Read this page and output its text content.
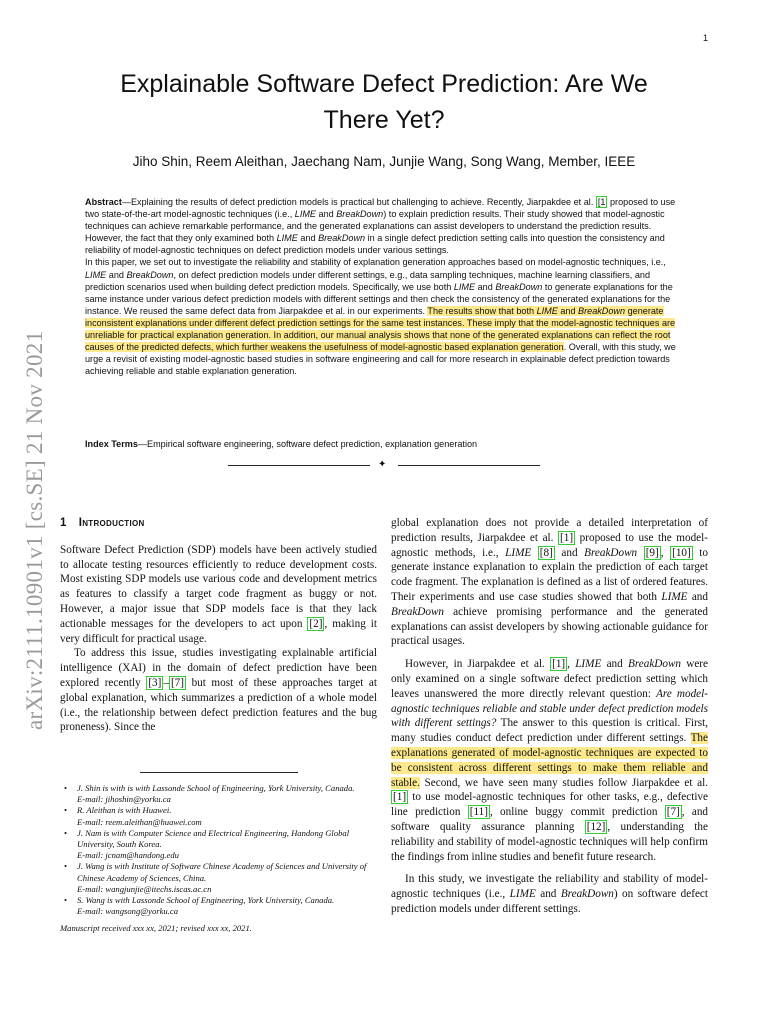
1
arXiv:2111.10901v1 [cs.SE] 21 Nov 2021
Explainable Software Defect Prediction: Are We
There Yet?
Jiho Shin, Reem Aleithan, Jaechang Nam, Junjie Wang, Song Wang, Member, IEEE

Abstract—Explaining the results of defect prediction models is practical but challenging to achieve. Recently, Jiarpakdee et al. [1 proposed to use two state-of-the-art model-agnostic techniques (i.e., LIME and BreakDown) to explain prediction results. Their study showed that model-agnostic techniques can achieve remarkable performance, and the generated explanations can assist developers to understand the prediction results. However, the fact that they only examined both LIME and BreakDown in a single defect prediction setting calls into question the consistency and reliability of model-agnostic techniques on defect prediction models under various settings.

In this paper, we set out to investigate the reliability and stability of explanation generation approaches based on model-agnostic techniques, i.e., LIME and BreakDown, on defect prediction models under different settings, e.g., data sampling techniques, machine learning classifiers, and prediction scenarios used when building defect prediction models. Specifically, we use both LIME and BreakDown to generate explanations for the same instance under various defect prediction models with different settings and then check the consistency of the generated explanations for the instance. We reused the same defect data from Jiarpakdee et al. in our experiments. The results show that both LIME and BreakDown generate inconsistent explanations under different defect prediction settings for the same test instances. These imply that the model-agnostic techniques are unreliable for practical explanation generation. In addition, our manual analysis shows that none of the generated explanations can reflect the root causes of the predicted defects, which further weakens the usefulness of model-agnostic based explanation generation. Overall, with this study, we urge a revisit of existing model-agnostic based studies in software engineering and call for more research in explainable defect prediction towards achieving reliable and stable explanation generation.

Index Terms—Empirical software engineering, software defect prediction, explanation generation
✦
1 Introduction

Software Defect Prediction (SDP) models have been actively studied to allocate testing resources efficiently to reduce development costs. Most existing SDP models use various code and development metrics as features to classify a target code fragment as buggy or not. However, a major issue that SDP models face is that they lack actionable messages for the developers to act upon [2] , making it very difficult for practical usage.

To address this issue, studies investigating explainable artificial intelligence (XAI) in the domain of defect prediction have been explored recently [3] – [7] but most of these approaches target at global explanation, which summarizes a prediction of a whole model (i.e., the relationship between defect prediction features and the bug proneness). Since the

• J. Shin is with is with Lassonde School of Engineering, York University, Canada.
E-mail: jihoshin@yorku.ca
• R. Aleithan is with Huawei.
E-mail: reem.aleithan@huawei.com
• J. Nam is with Computer Science and Electrical Engineering, Handong Global University, South Korea.
E-mail: jcnam@handong.edu
• J. Wang is with Institute of Software Chinese Academy of Sciences and University of Chinese Academy of Sciences, China.
E-mail: wangjunjie@itechs.iscas.ac.cn
• S. Wang is with Lassonde School of Engineering, York University, Canada.
E-mail: wangsong@yorku.ca
Manuscript received xxx xx, 2021; revised xxx xx, 2021.

global explanation does not provide a detailed interpretation of prediction results, Jiarpakdee et al. [1] proposed to use the model-agnostic methods, i.e., LIME [8] and BreakDown [9] , [10] to generate instance explanation to explain the prediction of each target code fragment. The explanation is defined as a list of ordered features. Their experiments and use case studies showed that both LIME and BreakDown achieve promising performance and the generated explanations can assist developers by showing actionable guidance for practical usages.

However, in Jiarpakdee et al. [1] , LIME and BreakDown were only examined on a single software defect prediction setting which leaves unanswered the more directly relevant question: Are model-agnostic techniques reliable and stable under defect prediction models with different settings? The answer to this question is critical. First, many studies conduct defect prediction under different settings. The explanations generated of model-agnostic techniques are expected to be consistent across different settings to make them reliable and stable. Second, we have seen many studies follow Jiarpakdee et al. [1] to use model-agnostic techniques for other tasks, e.g., defective line prediction [11] , online buggy commit prediction [7] , and software quality assurance planning [12] , understanding the reliability and stability of model-agnostic techniques will help confirm the findings from inline studies and benefit future research.

In this study, we investigate the reliability and stability of model-agnostic techniques (i.e., LIME and BreakDown) on software defect prediction models under different settings.
